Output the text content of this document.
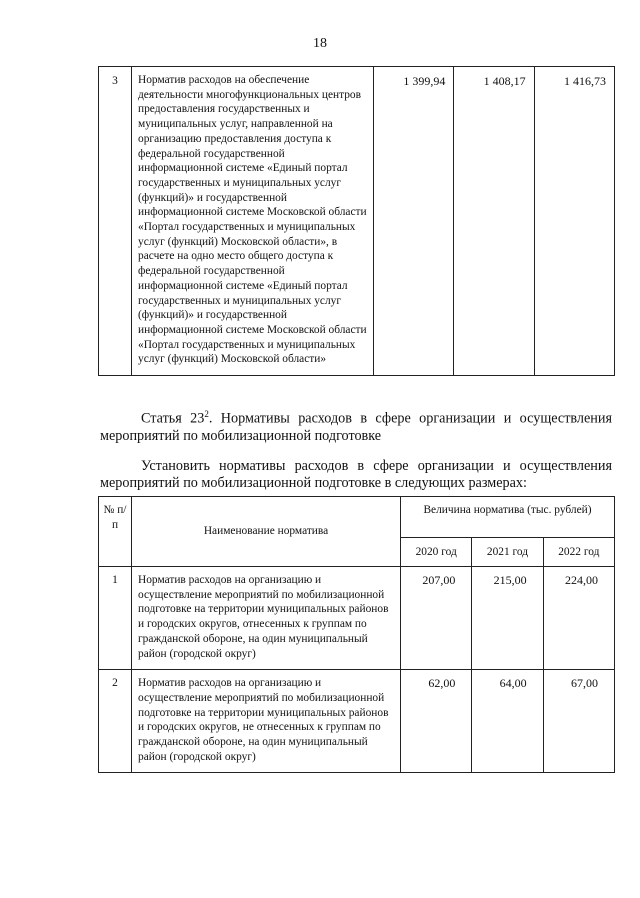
18
3	Норматив расходов на обеспечение деятельности многофункциональных центров предоставления государственных и муниципальных услуг, направленной на организацию предоставления доступа к федеральной государственной информационной системе «Единый портал государственных и муниципальных услуг (функций)» и государственной информационной системе Московской области «Портал государственных и муниципальных услуг (функций) Московской области», в расчете на одно место общего доступа к федеральной государственной информационной системе «Единый портал государственных и муниципальных услуг (функций)» и государственной информационной системе Московской области «Портал государственных и муниципальных услуг (функций) Московской области»	1 399,94	1 408,17	1 416,73
Статья $23^2$. Нормативы расходов в сфере организации и осуществления мероприятий по мобилизационной подготовке
Установить нормативы расходов в сфере организации и осуществления мероприятий по мобилизационной подготовке в следующих размерах:
№ п/п	Наименование норматива	Величина норматива (тыс. рублей)		
		2020 год	2021 год	2022 год
1	Норматив расходов на организацию и осуществление мероприятий по мобилизационной подготовке на территории муниципальных районов и городских округов, отнесенных к группам по гражданской обороне, на один муниципальный район (городской округ)	207,00	215,00	224,00
2	Норматив расходов на организацию и осуществление мероприятий по мобилизационной подготовке на территории муниципальных районов и городских округов, не отнесенных к группам по гражданской обороне, на один муниципальный район (городской округ)	62,00	64,00	67,00
